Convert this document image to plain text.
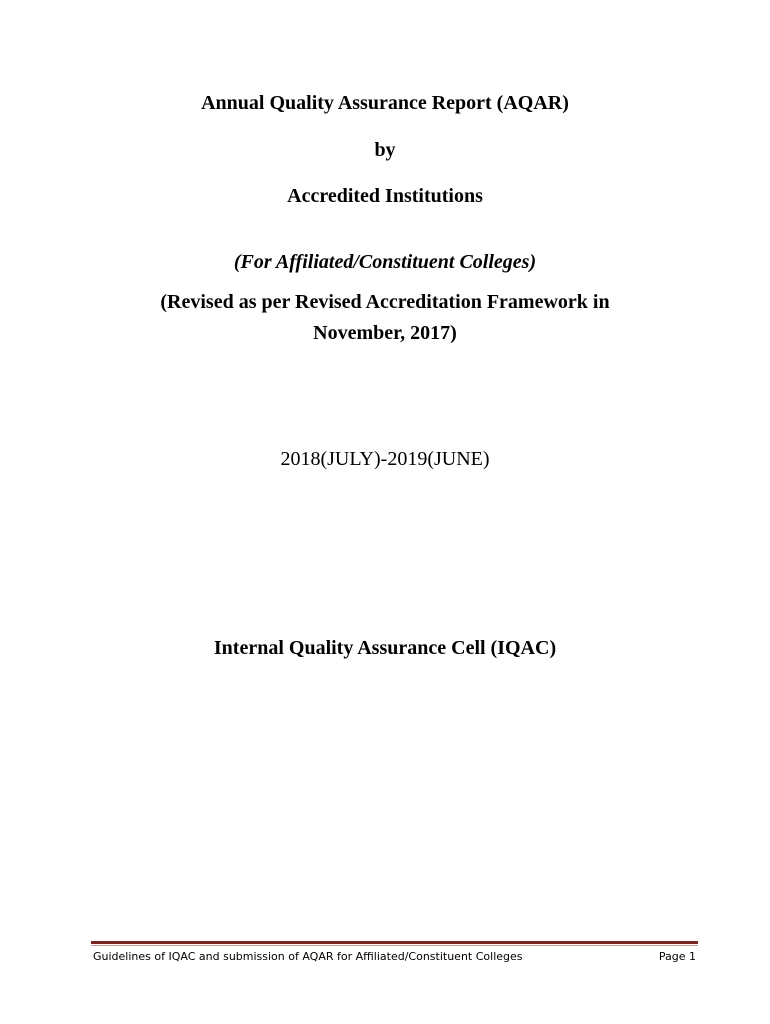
Annual Quality Assurance Report (AQAR)
by
Accredited Institutions
(For Affiliated/Constituent Colleges)
(Revised as per Revised Accreditation Framework in
November, 2017)
2018(JULY)-2019(JUNE)
Internal Quality Assurance Cell (IQAC)
Guidelines of IQAC and submission of AQAR for Affiliated/Constituent Colleges	Page 1
